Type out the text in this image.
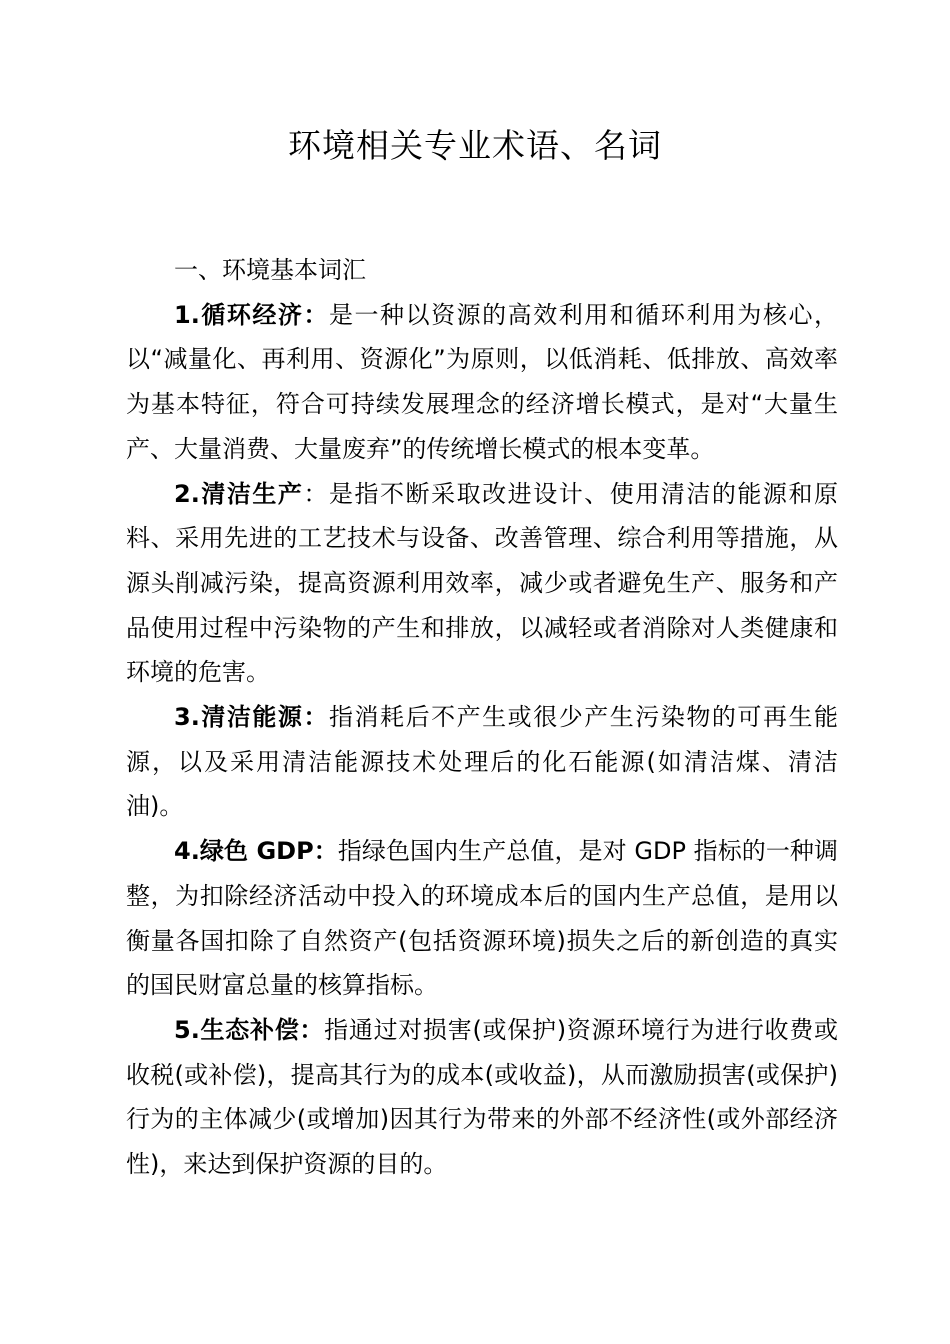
环境相关专业术语、名词

一、环境基本词汇

1.循环经济：是一种以资源的高效利用和循环利用为核心，以“减量化、再利用、资源化”为原则，以低消耗、低排放、高效率为基本特征，符合可持续发展理念的经济增长模式，是对“大量生产、大量消费、大量废弃”的传统增长模式的根本变革。

2.清洁生产：是指不断采取改进设计、使用清洁的能源和原料、采用先进的工艺技术与设备、改善管理、综合利用等措施，从源头削减污染，提高资源利用效率，减少或者避免生产、服务和产品使用过程中污染物的产生和排放，以减轻或者消除对人类健康和环境的危害。

3.清洁能源：指消耗后不产生或很少产生污染物的可再生能源，以及采用清洁能源技术处理后的化石能源(如清洁煤、清洁油)。

4.绿色 GDP：指绿色国内生产总值，是对 GDP 指标的一种调整，为扣除经济活动中投入的环境成本后的国内生产总值，是用以衡量各国扣除了自然资产(包括资源环境)损失之后的新创造的真实的国民财富总量的核算指标。

5.生态补偿：指通过对损害(或保护)资源环境行为进行收费或收税(或补偿)，提高其行为的成本(或收益)，从而激励损害(或保护)行为的主体减少(或增加)因其行为带来的外部不经济性(或外部经济性)，来达到保护资源的目的。
